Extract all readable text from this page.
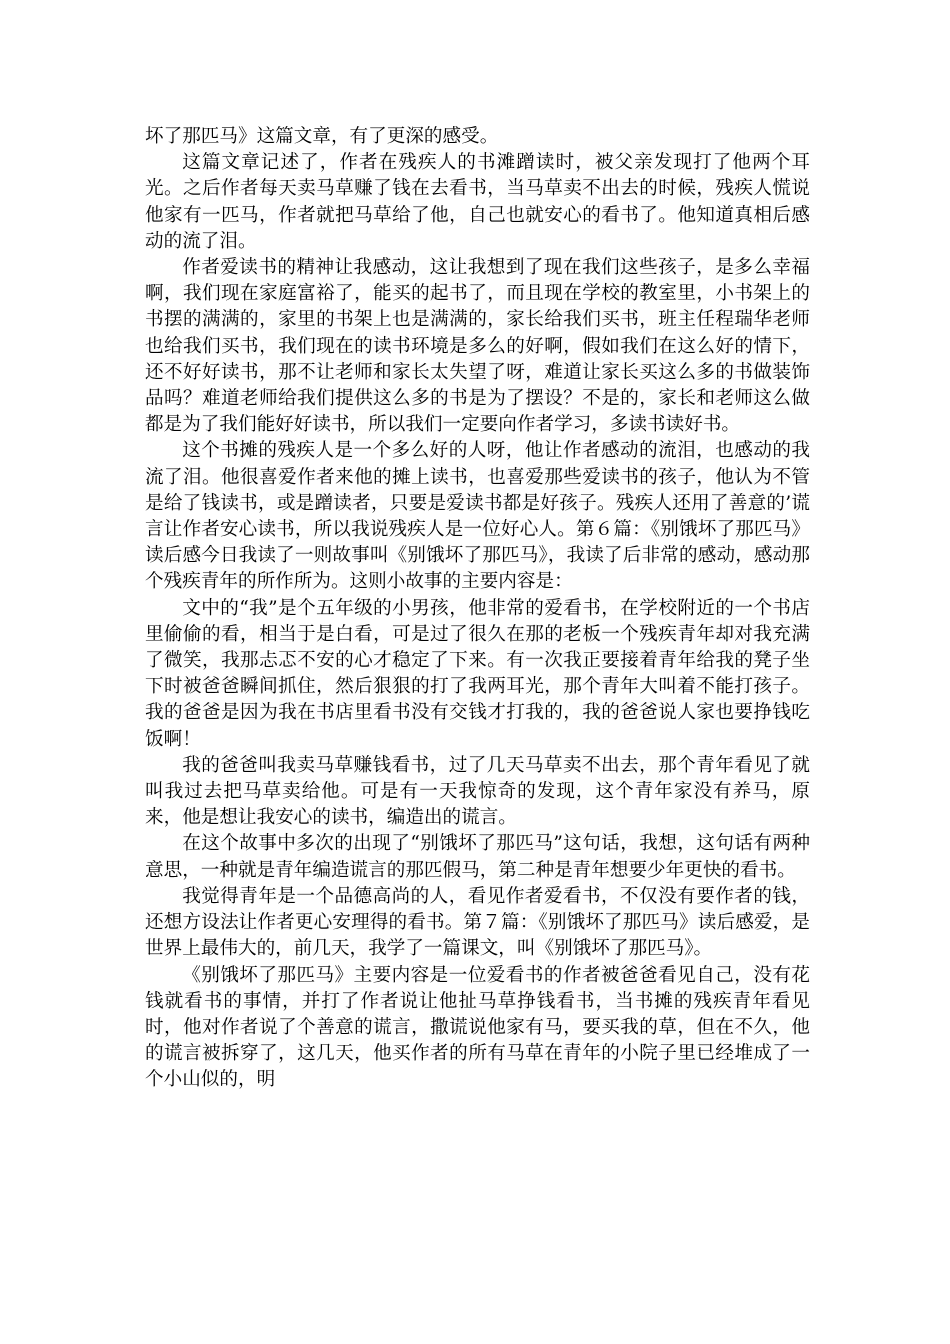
坏了那匹马》这篇文章，有了更深的感受。

这篇文章记述了，作者在残疾人的书滩蹭读时，被父亲发现打了他两个耳光。之后作者每天卖马草赚了钱在去看书，当马草卖不出去的时候，残疾人慌说他家有一匹马，作者就把马草给了他，自己也就安心的看书了。他知道真相后感动的流了泪。

作者爱读书的精神让我感动，这让我想到了现在我们这些孩子，是多么幸福啊，我们现在家庭富裕了，能买的起书了，而且现在学校的教室里，小书架上的书摆的满满的，家里的书架上也是满满的，家长给我们买书，班主任程瑞华老师也给我们买书，我们现在的读书环境是多么的好啊，假如我们在这么好的情下，还不好好读书，那不让老师和家长太失望了呀，难道让家长买这么多的书做装饰品吗？难道老师给我们提供这么多的书是为了摆设？不是的，家长和老师这么做都是为了我们能好好读书，所以我们一定要向作者学习，多读书读好书。

这个书摊的残疾人是一个多么好的人呀，他让作者感动的流泪，也感动的我流了泪。他很喜爱作者来他的摊上读书，也喜爱那些爱读书的孩子，他认为不管是给了钱读书，或是蹭读者，只要是爱读书都是好孩子。残疾人还用了善意的’谎言让作者安心读书，所以我说残疾人是一位好心人。第６篇：《别饿坏了那匹马》读后感今日我读了一则故事叫《别饿坏了那匹马》，我读了后非常的感动，感动那个残疾青年的所作所为。这则小故事的主要内容是：

文中的“我”是个五年级的小男孩，他非常的爱看书，在学校附近的一个书店里偷偷的看，相当于是白看，可是过了很久在那的老板一个残疾青年却对我充满了微笑，我那忐忑不安的心才稳定了下来。有一次我正要接着青年给我的凳子坐下时被爸爸瞬间抓住，然后狠狠的打了我两耳光，那个青年大叫着不能打孩子。我的爸爸是因为我在书店里看书没有交钱才打我的，我的爸爸说人家也要挣钱吃饭啊！

我的爸爸叫我卖马草赚钱看书，过了几天马草卖不出去，那个青年看见了就叫我过去把马草卖给他。可是有一天我惊奇的发现，这个青年家没有养马，原来，他是想让我安心的读书，编造出的谎言。

在这个故事中多次的出现了“别饿坏了那匹马”这句话，我想，这句话有两种意思，一种就是青年编造谎言的那匹假马，第二种是青年想要少年更快的看书。

我觉得青年是一个品德高尚的人，看见作者爱看书，不仅没有要作者的钱，还想方设法让作者更心安理得的看书。第７篇：《别饿坏了那匹马》读后感爱，是世界上最伟大的，前几天，我学了一篇课文，叫《别饿坏了那匹马》。

《别饿坏了那匹马》主要内容是一位爱看书的作者被爸爸看见自己，没有花钱就看书的事情，并打了作者说让他扯马草挣钱看书，当书摊的残疾青年看见时，他对作者说了个善意的谎言，撒谎说他家有马，要买我的草，但在不久，他的谎言被拆穿了，这几天，他买作者的所有马草在青年的小院子里已经堆成了一个小山似的，明
